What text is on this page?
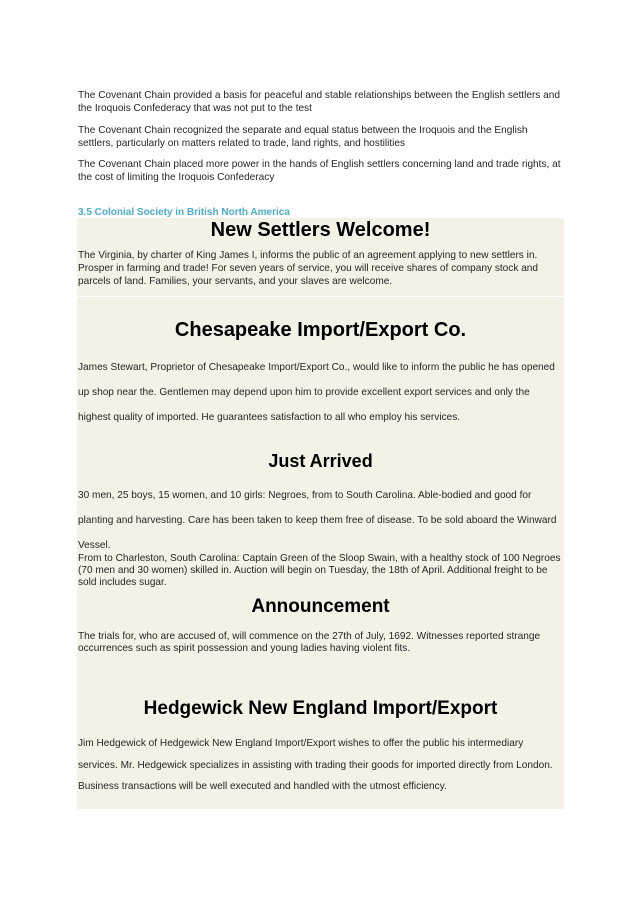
The Covenant Chain provided a basis for peaceful and stable relationships between the English settlers and the Iroquois Confederacy that was not put to the test
The Covenant Chain recognized the separate and equal status between the Iroquois and the English settlers, particularly on matters related to trade, land rights, and hostilities
The Covenant Chain placed more power in the hands of English settlers concerning land and trade rights, at the cost of limiting the Iroquois Confederacy
3.5 Colonial Society in British North America
New Settlers Welcome!
The Virginia, by charter of King James I, informs the public of an agreement applying to new settlers in. Prosper in farming and trade! For seven years of service, you will receive shares of company stock and parcels of land. Families, your servants, and your slaves are welcome.
Chesapeake Import/Export Co.
James Stewart, Proprietor of Chesapeake Import/Export Co., would like to inform the public he has opened up shop near the. Gentlemen may depend upon him to provide excellent export services and only the highest quality of imported. He guarantees satisfaction to all who employ his services.
Just Arrived
30 men, 25 boys, 15 women, and 10 girls: Negroes, from to South Carolina. Able-bodied and good for planting and harvesting. Care has been taken to keep them free of disease. To be sold aboard the Winward Vessel.
From to Charleston, South Carolina: Captain Green of the Sloop Swain, with a healthy stock of 100 Negroes (70 men and 30 women) skilled in. Auction will begin on Tuesday, the 18th of April. Additional freight to be sold includes sugar.
Announcement
The trials for, who are accused of, will commence on the 27th of July, 1692. Witnesses reported strange occurrences such as spirit possession and young ladies having violent fits.
Hedgewick New England Import/Export
Jim Hedgewick of Hedgewick New England Import/Export wishes to offer the public his intermediary services. Mr. Hedgewick specializes in assisting with trading their goods for imported directly from London. Business transactions will be well executed and handled with the utmost efficiency.
